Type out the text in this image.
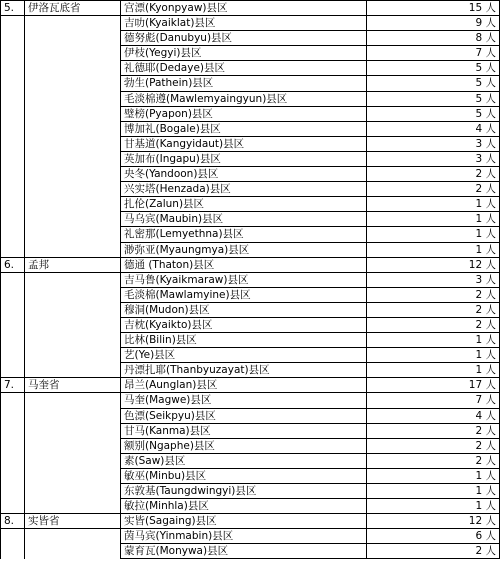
5.	伊洛瓦底省	宫漂(Kyonpyaw)县区	15 人
		吉叻(Kyaiklat)县区	9 人
		德努彪(Danubyu)县区	8 人
		伊枝(Yegyi)县区	7 人
		礼德耶(Dedaye)县区	5 人
		勃生(Pathein)县区	5 人
		毛淡棉遵(Mawlemyaingyun)县区	5 人
		璧榜(Pyapon)县区	5 人
		博加礼(Bogale)县区	4 人
		甘基道(Kangyidaut)县区	3 人
		英加布(Ingapu)县区	3 人
		央冬(Yandoon)县区	2 人
		兴实塔(Henzada)县区	2 人
		扎伦(Zalun)县区	1 人
		马乌宾(Maubin)县区	1 人
		礼密那(Lemyethna)县区	1 人
		渺弥亚(Myaungmya)县区	1 人
6.	孟邦	德通 (Thaton)县区	12 人
		吉马鲁(Kyaikmaraw)县区	3 人
		毛淡棉(Mawlamyine)县区	2 人
		穆洞(Mudon)县区	2 人
		吉枕(Kyaikto)县区	2 人
		比林(Bilin)县区	1 人
		艺(Ye)县区	1 人
		丹漂扎耶(Thanbyuzayat)县区	1 人
7.	马奎省	昂兰(Aunglan)县区	17 人
		马奎(Magwe)县区	7 人
		色漂(Seikpyu)县区	4 人
		甘马(Kanma)县区	2 人
		额别(Ngaphe)县区	2 人
		素(Saw)县区	2 人
		敏巫(Minbu)县区	1 人
		东敦基(Taungdwingyi)县区	1 人
		敏拉(Minhla)县区	1 人
8.	实皆省	实皆(Sagaing)县区	12 人
		茵马宾(Yinmabin)县区	6 人
		蒙育瓦(Monywa)县区	2 人
